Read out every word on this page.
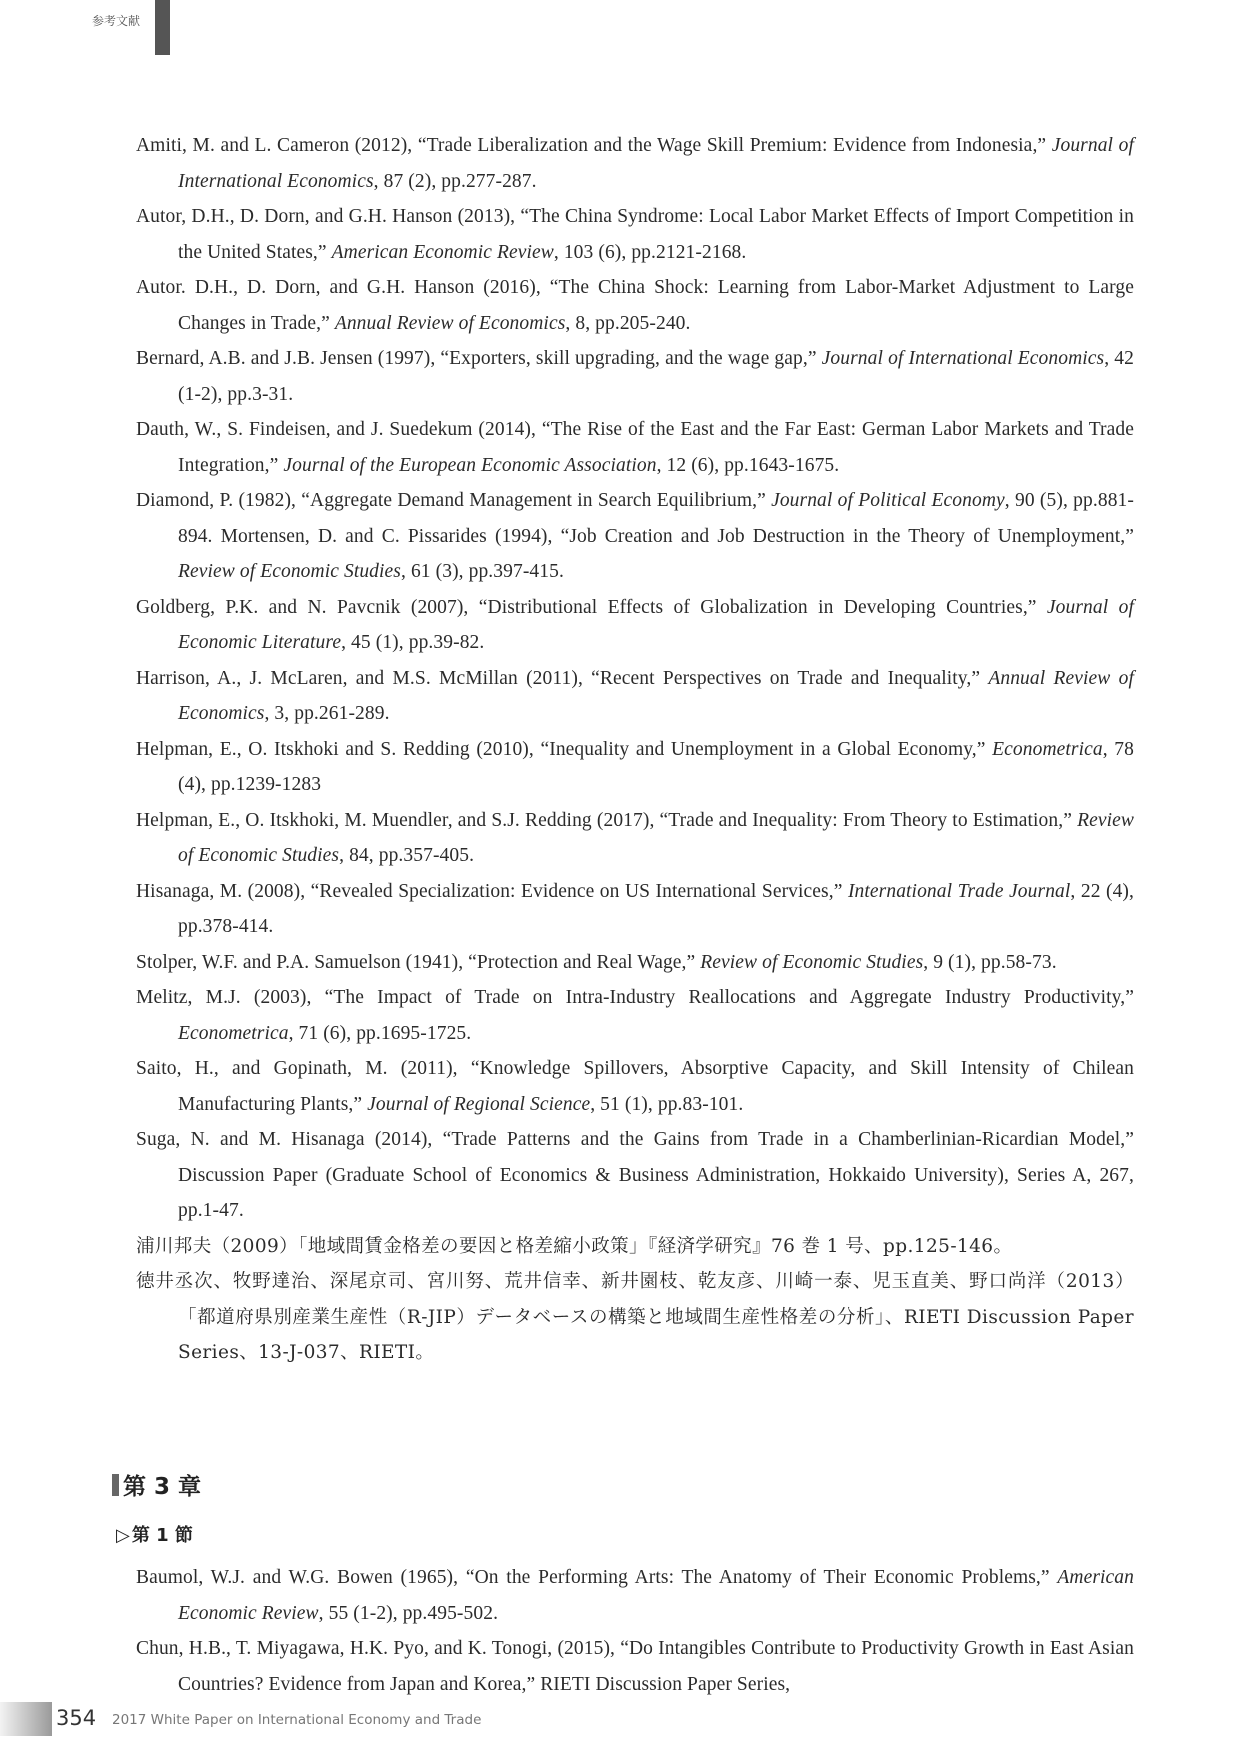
参考文献
Amiti, M. and L. Cameron (2012), “Trade Liberalization and the Wage Skill Premium: Evidence from Indonesia,” Journal of International Economics, 87 (2), pp.277-287.
Autor, D.H., D. Dorn, and G.H. Hanson (2013), “The China Syndrome: Local Labor Market Effects of Import Competition in the United States,” American Economic Review, 103 (6), pp.2121-2168.
Autor. D.H., D. Dorn, and G.H. Hanson (2016), “The China Shock: Learning from Labor-Market Adjustment to Large Changes in Trade,” Annual Review of Economics, 8, pp.205-240.
Bernard, A.B. and J.B. Jensen (1997), “Exporters, skill upgrading, and the wage gap,” Journal of International Economics, 42 (1-2), pp.3-31.
Dauth, W., S. Findeisen, and J. Suedekum (2014), “The Rise of the East and the Far East: German Labor Markets and Trade Integration,” Journal of the European Economic Association, 12 (6), pp.1643-1675.
Diamond, P. (1982), “Aggregate Demand Management in Search Equilibrium,” Journal of Political Economy, 90 (5), pp.881-894. Mortensen, D. and C. Pissarides (1994), “Job Creation and Job Destruction in the Theory of Unemployment,” Review of Economic Studies, 61 (3), pp.397-415.
Goldberg, P.K. and N. Pavcnik (2007), “Distributional Effects of Globalization in Developing Countries,” Journal of Economic Literature, 45 (1), pp.39-82.
Harrison, A., J. McLaren, and M.S. McMillan (2011), “Recent Perspectives on Trade and Inequality,” Annual Review of Economics, 3, pp.261-289.
Helpman, E., O. Itskhoki and S. Redding (2010), “Inequality and Unemployment in a Global Economy,” Econometrica, 78 (4), pp.1239-1283
Helpman, E., O. Itskhoki, M. Muendler, and S.J. Redding (2017), “Trade and Inequality: From Theory to Estimation,” Review of Economic Studies, 84, pp.357-405.
Hisanaga, M. (2008), “Revealed Specialization: Evidence on US International Services,” International Trade Journal, 22 (4), pp.378-414.
Stolper, W.F. and P.A. Samuelson (1941), “Protection and Real Wage,” Review of Economic Studies, 9 (1), pp.58-73.
Melitz, M.J. (2003), “The Impact of Trade on Intra-Industry Reallocations and Aggregate Industry Productivity,” Econometrica, 71 (6), pp.1695-1725.
Saito, H., and Gopinath, M. (2011), “Knowledge Spillovers, Absorptive Capacity, and Skill Intensity of Chilean Manufacturing Plants,” Journal of Regional Science, 51 (1), pp.83-101.
Suga, N. and M. Hisanaga (2014), “Trade Patterns and the Gains from Trade in a Chamberlinian-Ricardian Model,” Discussion Paper (Graduate School of Economics & Business Administration, Hokkaido University), Series A, 267, pp.1-47.
浦川邦夫（2009）「地域間賃金格差の要因と格差縮小政策」『経済学研究』76 巻 1 号、pp.125-146。
徳井丞次、牧野達治、深尾京司、宮川努、荒井信幸、新井園枝、乾友彦、川崎一泰、児玉直美、野口尚洋（2013）「都道府県別産業生産性（R-JIP）データベースの構築と地域間生産性格差の分析」、RIETI Discussion Paper Series、13-J-037、RIETI。
第 3 章
▷ 第 1 節
Baumol, W.J. and W.G. Bowen (1965), “On the Performing Arts: The Anatomy of Their Economic Problems,” American Economic Review, 55 (1-2), pp.495-502.
Chun, H.B., T. Miyagawa, H.K. Pyo, and K. Tonogi, (2015), “Do Intangibles Contribute to Productivity Growth in East Asian Countries? Evidence from Japan and Korea,” RIETI Discussion Paper Series,
354 2017 White Paper on International Economy and Trade
